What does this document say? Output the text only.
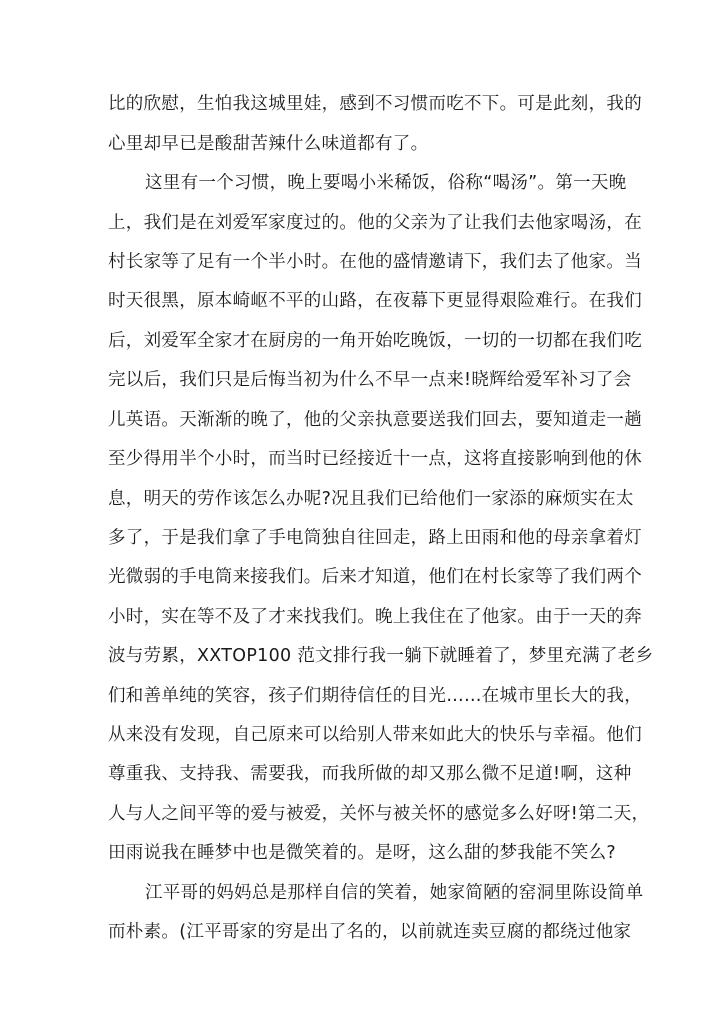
比的欣慰，生怕我这城里娃，感到不习惯而吃不下。可是此刻，我的
心里却早已是酸甜苦辣什么味道都有了。
这里有一个习惯，晚上要喝小米稀饭，俗称“喝汤”。第一天晚
上，我们是在刘爱军家度过的。他的父亲为了让我们去他家喝汤，在
村长家等了足有一个半小时。在他的盛情邀请下，我们去了他家。当
时天很黑，原本崎岖不平的山路，在夜幕下更显得艰险难行。在我们
后，刘爱军全家才在厨房的一角开始吃晚饭，一切的一切都在我们吃
完以后，我们只是后悔当初为什么不早一点来!晓辉给爱军补习了会
儿英语。天渐渐的晚了，他的父亲执意要送我们回去，要知道走一趟
至少得用半个小时，而当时已经接近十一点，这将直接影响到他的休
息，明天的劳作该怎么办呢?况且我们已给他们一家添的麻烦实在太
多了，于是我们拿了手电筒独自往回走，路上田雨和他的母亲拿着灯
光微弱的手电筒来接我们。后来才知道，他们在村长家等了我们两个
小时，实在等不及了才来找我们。晚上我住在了他家。由于一天的奔
波与劳累，XXTOP100 范文排行我一躺下就睡着了，梦里充满了老乡
们和善单纯的笑容，孩子们期待信任的目光……在城市里长大的我，
从来没有发现，自己原来可以给别人带来如此大的快乐与幸福。他们
尊重我、支持我、需要我，而我所做的却又那么微不足道!啊，这种
人与人之间平等的爱与被爱，关怀与被关怀的感觉多么好呀!第二天，
田雨说我在睡梦中也是微笑着的。是呀，这么甜的梦我能不笑么?
江平哥的妈妈总是那样自信的笑着，她家简陋的窑洞里陈设简单
而朴素。(江平哥家的穷是出了名的，以前就连卖豆腐的都绕过他家
